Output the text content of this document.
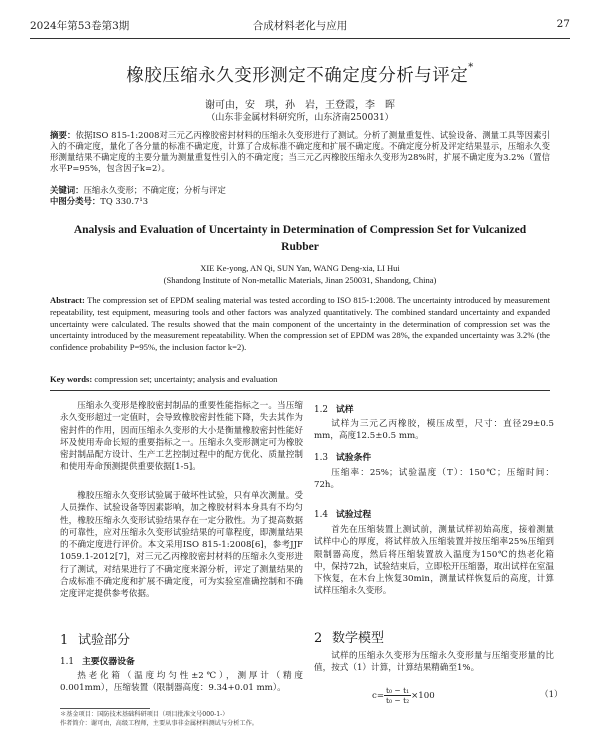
2024年第53卷第3期	合成材料老化与应用	27
橡胶压缩永久变形测定不确定度分析与评定*
谢可由，安　琪，孙　岩，王登霞，李　晖
（山东非金属材料研究所，山东济南250031）
摘要：依据ISO 815-1:2008对三元乙丙橡胶密封材料的压缩永久变形进行了测试。分析了测量重复性、试验设备、测量工具等因素引入的不确定度，量化了各分量的标准不确定度，计算了合成标准不确定度和扩展不确定度。不确定度分析及评定结果显示，压缩永久变形测量结果不确定度的主要分量为测量重复性引入的不确定度；当三元乙丙橡胶压缩永久变形为28%时，扩展不确定度为3.2%（置信水平P=95%，包含因子k=2）。
关键词：压缩永久变形；不确定度；分析与评定
中图分类号：TQ 330.7¹3
Analysis and Evaluation of Uncertainty in Determination of Compression Set for Vulcanized Rubber
XIE Ke-yong, AN Qi, SUN Yan, WANG Deng-xia, LI Hui
(Shandong Institute of Non-metallic Materials, Jinan 250031, Shandong, China)
Abstract: The compression set of EPDM sealing material was tested according to ISO 815-1:2008. The uncertainty introduced by measurement repeatability, test equipment, measuring tools and other factors was analyzed quantitatively. The combined standard uncertainty and expanded uncertainty were calculated. The results showed that the main component of the uncertainty in the determination of compression set was the uncertainty introduced by the measurement repeatability. When the compression set of EPDM was 28%, the expanded uncertainty was 3.2% (the confidence probability P=95%, the inclusion factor k=2).
Key words: compression set; uncertainty; analysis and evaluation
压缩永久变形是橡胶密封制品的重要性能指标之一。当压缩永久变形超过一定值时，会导致橡胶密封性能下降，失去其作为密封件的作用，因而压缩永久变形的大小是衡量橡胶密封性能好坏及使用寿命长短的重要指标之一。压缩永久变形测定可为橡胶密封制品配方设计、生产工艺控制过程中的配方优化、质量控制和使用寿命预测提供重要依据[1-5]。
橡胶压缩永久变形试验属于破坏性试验，只有单次测量。受人员操作、试验设备等因素影响，加之橡胶材料本身具有不均匀性，橡胶压缩永久变形试验结果存在一定分散性。为了提高数据的可靠性，应对压缩永久变形试验结果的可靠程度，即测量结果的不确定度进行评价。本文采用ISO 815-1:2008[6]，参考JJF 1059.1-2012[7]，对三元乙丙橡胶密封材料的压缩永久变形进行了测试，对结果进行了不确定度来源分析，评定了测量结果的合成标准不确定度和扩展不确定度，可为实验室准确控制和不确定度评定提供参考依据。
1 试验部分
1.1 主要仪器设备
热老化箱（温度均匀性±2℃），测厚计（精度0.001mm），压缩装置（限制器高度：9.34+0.01 mm）。
1.2 试样
试样为三元乙丙橡胶，模压成型，尺寸：直径29±0.5 mm，高度12.5±0.5 mm。
1.3 试验条件
压缩率：25%；试验温度（T）：150℃；压缩时间：72h。
1.4 试验过程
首先在压缩装置上测试前，测量试样初始高度，接着测量试样中心的厚度，将试样放入压缩装置并按压缩率25%压缩到限制器高度，然后将压缩装置放入温度为150℃的热老化箱中，保持72h，试验结束后，立即松开压缩器，取出试样在室温下恢复，在木台上恢复30min，测量试样恢复后的高度，计算试样压缩永久变形。
2 数学模型
试样的压缩永久变形为压缩永久变形量与压缩变形量的比值，按式（1）计算，计算结果精确至1%。
$c= \frac{\text{t₀ − t₁}}{\text{t₀ − t₂}} \times 100$	（1）
＊基金项目：国防技术基础科研项目（项目批准文号000-1-）
作者简介：谢可由，高级工程师，主要从事非金属材料测试与分析工作。
